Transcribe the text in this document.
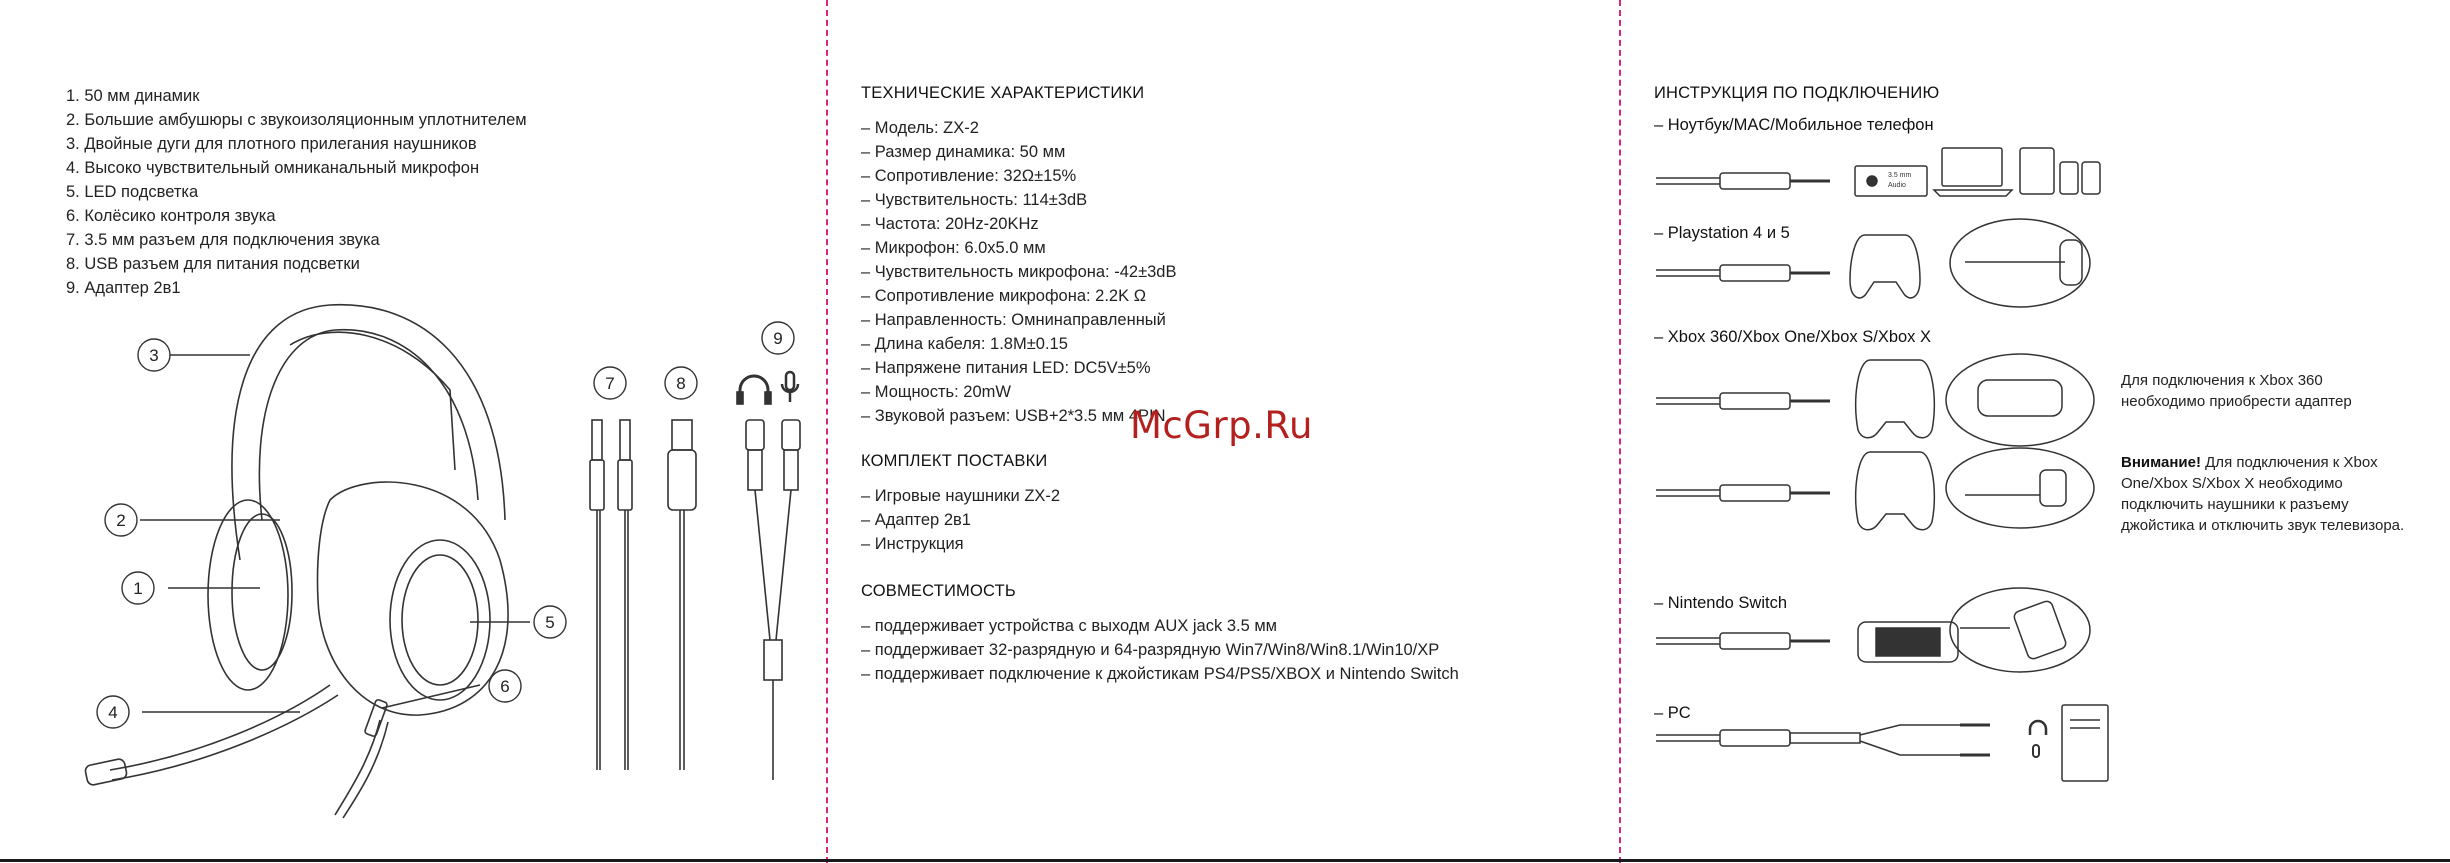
1. 50 мм динамик
2. Большие амбушюры с звукоизоляционным уплотнителем
3. Двойные дуги для плотного прилегания наушников
4. Высоко чувствительный омниканальный микрофон
5. LED подсветка
6. Колёсико контроля звука
7. 3.5 мм разъем для подключения звука
8. USB разъем для питания подсветки
9. Адаптер 2в1
3
2
1
4
5
6
7	8
9
ТЕХНИЧЕСКИЕ ХАРАКТЕРИСТИКИ
– Модель: ZX-2
– Размер динамика: 50 мм
– Сопротивление: 32Ω±15%
– Чувствительность: 114±3dB
– Частота: 20Hz-20KHz
– Микрофон: 6.0x5.0 мм
– Чувствительность микрофона: -42±3dB
– Сопротивление микрофона: 2.2K Ω
– Направленность: Омнинаправленный
– Длина кабеля: 1.8M±0.15
– Напряжене питания LED: DC5V±5%
– Мощность: 20mW
– Звуковой разъем: USB+2*3.5 мм 4PIN
КОМПЛЕКТ ПОСТАВКИ
– Игровые наушники ZX-2
– Адаптер 2в1
– Инструкция
СОВМЕСТИМОСТЬ
– поддерживает устройства с выходм AUX jack 3.5 мм
– поддерживает 32-разрядную и 64-разрядную Win7/Win8/Win8.1/Win10/XP
– поддерживает подключение к джойстикам PS4/PS5/XBOX и Nintendo Switch
McGrp.Ru
ИНСТРУКЦИЯ ПО ПОДКЛЮЧЕНИЮ
– Ноутбук/MAC/Мобильное телефон
– Playstation 4 и 5
– Xbox 360/Xbox One/Xbox S/Xbox X
Для подключения к Xbox 360 необходимо приобрести адаптер
Внимание! Для подключения к Xbox One/Xbox S/Xbox X необходимо подключить наушники к разъему джойстика и отключить звук телевизора.
– Nintendo Switch
– PC
3.5 mm
Audio
